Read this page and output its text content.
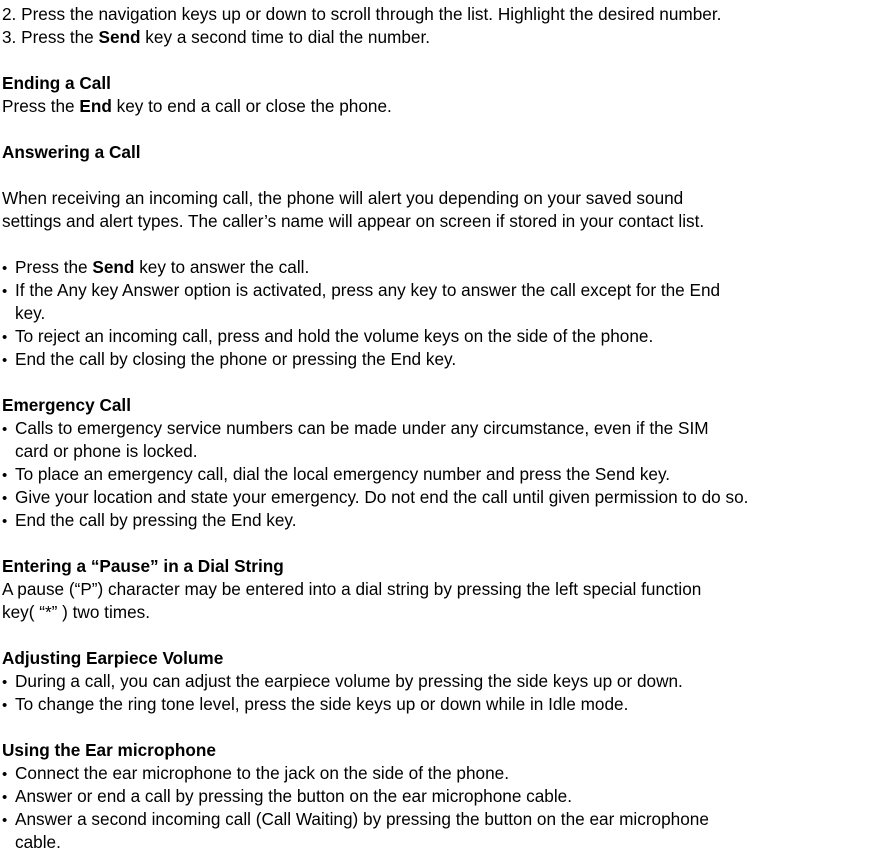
2. Press the navigation keys up or down to scroll through the list. Highlight the desired number.
3. Press the Send key a second time to dial the number.
Ending a Call
Press the End key to end a call or close the phone.
Answering a Call
When receiving an incoming call, the phone will alert you depending on your saved sound
settings and alert types. The caller’s name will appear on screen if stored in your contact list.
• Press the Send key to answer the call.
• If the Any key Answer option is activated, press any key to answer the call except for the End
key.
• To reject an incoming call, press and hold the volume keys on the side of the phone.
• End the call by closing the phone or pressing the End key.
Emergency Call
• Calls to emergency service numbers can be made under any circumstance, even if the SIM
card or phone is locked.
• To place an emergency call, dial the local emergency number and press the Send key.
• Give your location and state your emergency. Do not end the call until given permission to do so.
• End the call by pressing the End key.
Entering a “Pause” in a Dial String
A pause (“P”) character may be entered into a dial string by pressing the left special function
key( “*” ) two times.
Adjusting Earpiece Volume
• During a call, you can adjust the earpiece volume by pressing the side keys up or down.
• To change the ring tone level, press the side keys up or down while in Idle mode.
Using the Ear microphone
• Connect the ear microphone to the jack on the side of the phone.
• Answer or end a call by pressing the button on the ear microphone cable.
• Answer a second incoming call (Call Waiting) by pressing the button on the ear microphone
cable.
